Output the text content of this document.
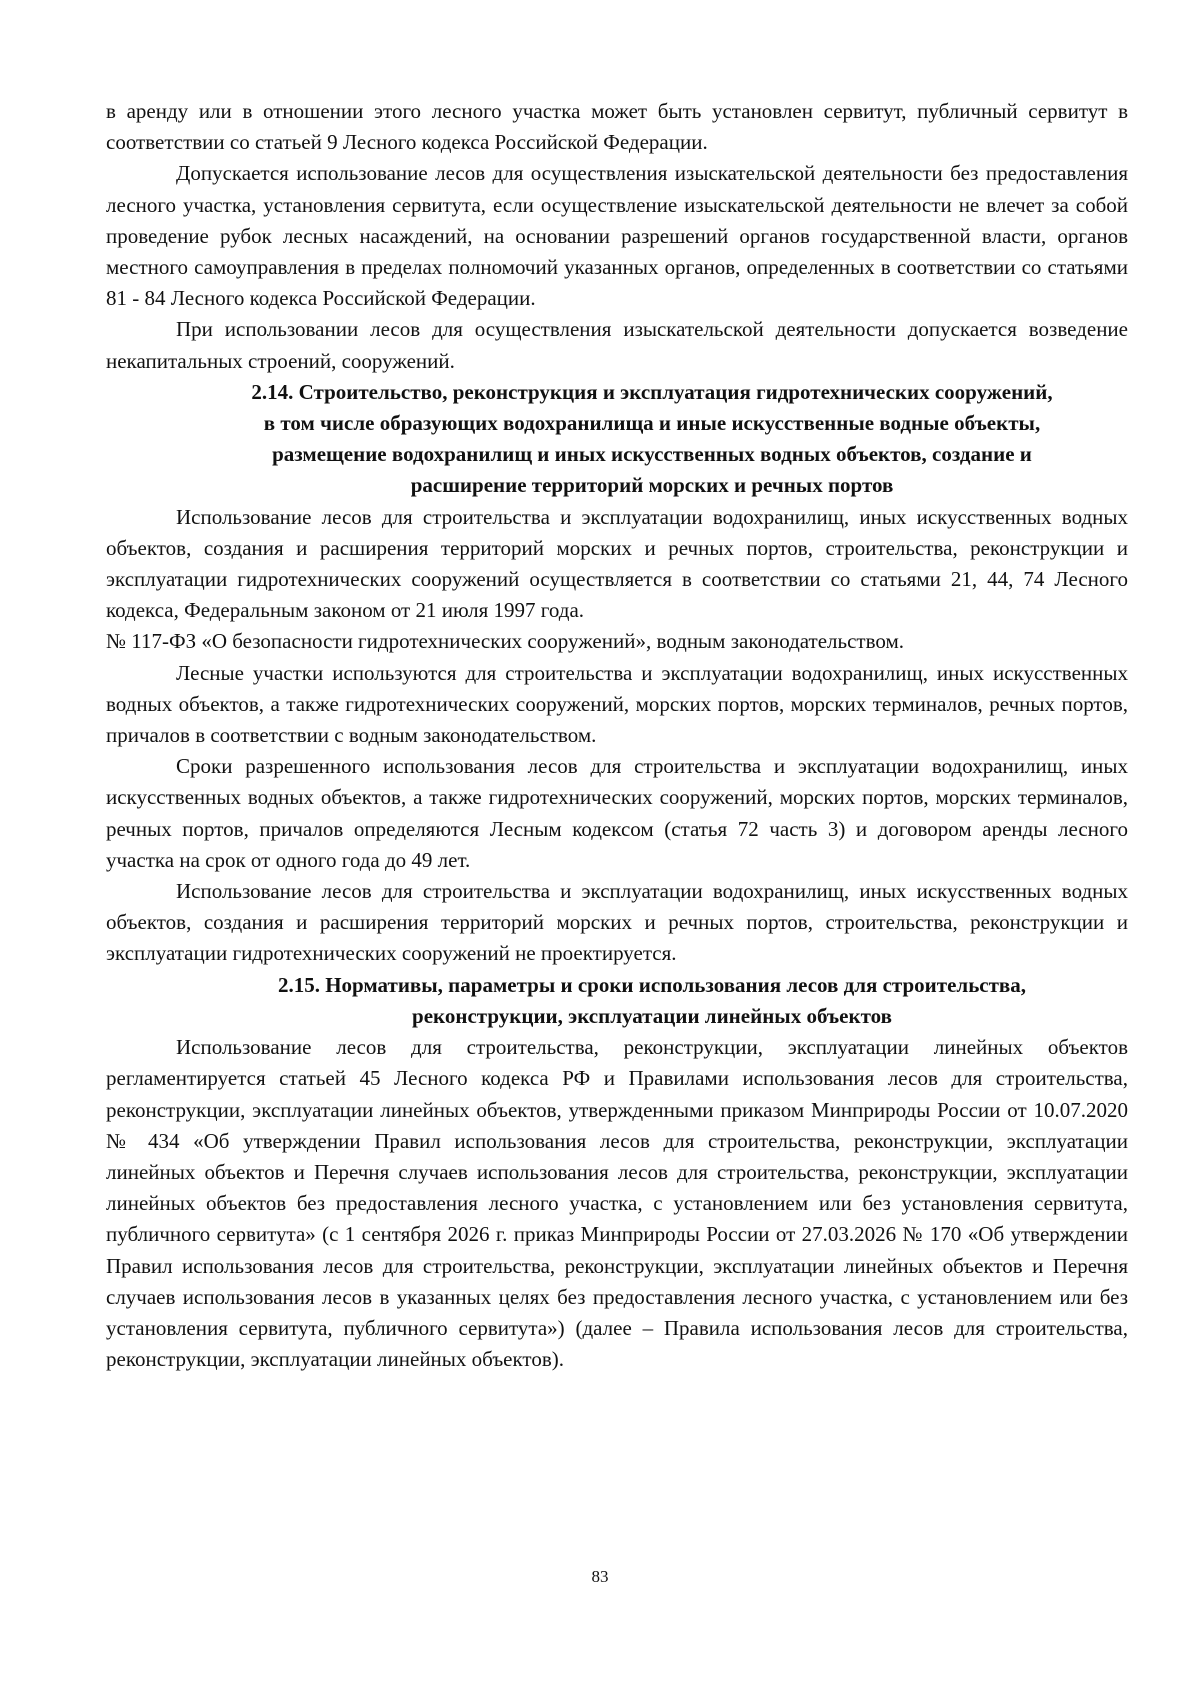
в аренду или в отношении этого лесного участка может быть установлен сервитут, публичный сервитут в соответствии со статьей 9 Лесного кодекса Российской Федерации.

Допускается использование лесов для осуществления изыскательской деятельности без предоставления лесного участка, установления сервитута, если осуществление изыскательской деятельности не влечет за собой проведение рубок лесных насаждений, на основании разрешений органов государственной власти, органов местного самоуправления в пределах полномочий указанных органов, определенных в соответствии со статьями 81 - 84 Лесного кодекса Российской Федерации.

При использовании лесов для осуществления изыскательской деятельности допускается возведение некапитальных строений, сооружений.

2.14. Строительство, реконструкция и эксплуатация гидротехнических сооружений,
в том числе образующих водохранилища и иные искусственные водные объекты,
размещение водохранилищ и иных искусственных водных объектов, создание и
расширение территорий морских и речных портов

Использование лесов для строительства и эксплуатации водохранилищ, иных искусственных водных объектов, создания и расширения территорий морских и речных портов, строительства, реконструкции и эксплуатации гидротехнических сооружений осуществляется в соответствии со статьями 21, 44, 74 Лесного кодекса, Федеральным законом от 21 июля 1997 года.

№ 117-ФЗ «О безопасности гидротехнических сооружений», водным законодательством.

Лесные участки используются для строительства и эксплуатации водохранилищ, иных искусственных водных объектов, а также гидротехнических сооружений, морских портов, морских терминалов, речных портов, причалов в соответствии с водным законодательством.

Сроки разрешенного использования лесов для строительства и эксплуатации водохранилищ, иных искусственных водных объектов, а также гидротехнических сооружений, морских портов, морских терминалов, речных портов, причалов определяются Лесным кодексом (статья 72 часть 3) и договором аренды лесного участка на срок от одного года до 49 лет.

Использование лесов для строительства и эксплуатации водохранилищ, иных искусственных водных объектов, создания и расширения территорий морских и речных портов, строительства, реконструкции и эксплуатации гидротехнических сооружений не проектируется.

2.15. Нормативы, параметры и сроки использования лесов для строительства,
реконструкции, эксплуатации линейных объектов

Использование лесов для строительства, реконструкции, эксплуатации линейных объектов регламентируется статьей 45 Лесного кодекса РФ и Правилами использования лесов для строительства, реконструкции, эксплуатации линейных объектов, утвержденными приказом Минприроды России от 10.07.2020 № 434 «Об утверждении Правил использования лесов для строительства, реконструкции, эксплуатации линейных объектов и Перечня случаев использования лесов для строительства, реконструкции, эксплуатации линейных объектов без предоставления лесного участка, с установлением или без установления сервитута, публичного сервитута» (с 1 сентября 2026 г. приказ Минприроды России от 27.03.2026 № 170 «Об утверждении Правил использования лесов для строительства, реконструкции, эксплуатации линейных объектов и Перечня случаев использования лесов в указанных целях без предоставления лесного участка, с установлением или без установления сервитута, публичного сервитута») (далее – Правила использования лесов для строительства, реконструкции, эксплуатации линейных объектов).

83
